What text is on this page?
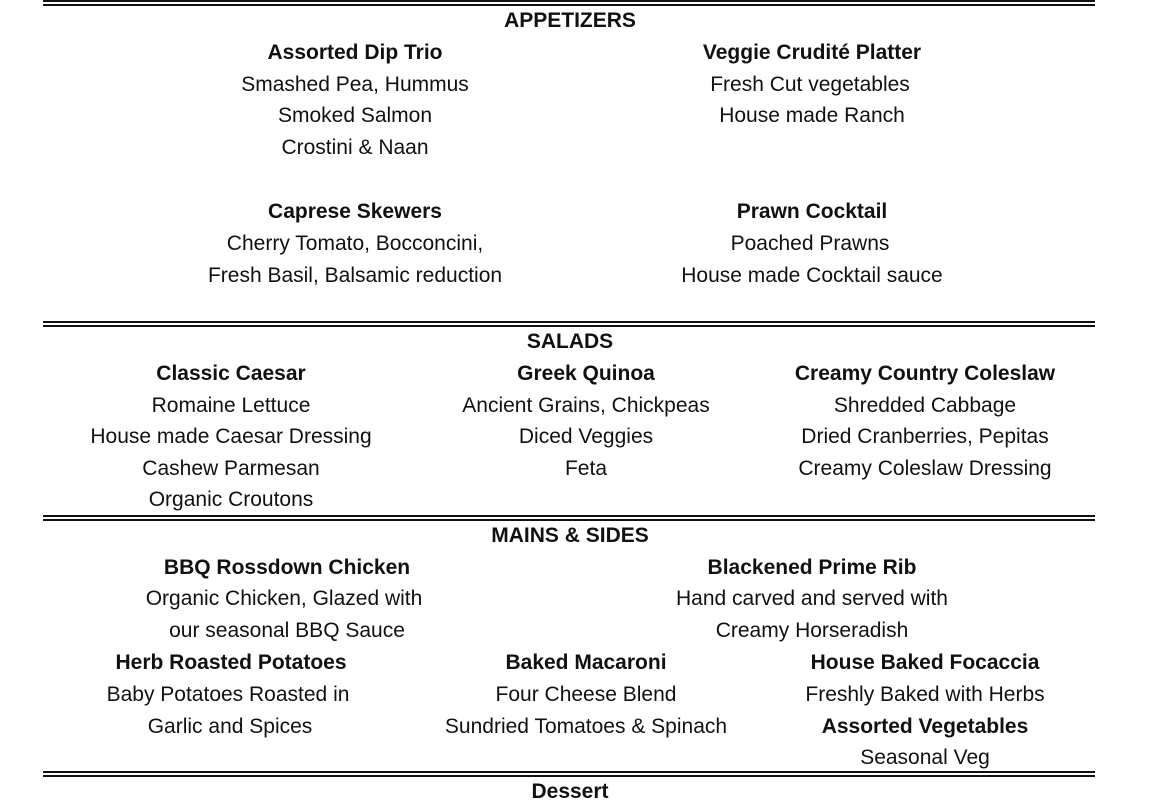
APPETIZERS
Assorted Dip Trio
Smashed Pea, Hummus
Smoked Salmon
Crostini & Naan
Veggie Crudité Platter
Fresh Cut vegetables
House made Ranch
Caprese Skewers
Cherry Tomato, Bocconcini,
Fresh Basil, Balsamic reduction
Prawn Cocktail
Poached Prawns
House made Cocktail sauce
SALADS
Classic Caesar
Romaine Lettuce
House made Caesar Dressing
Cashew Parmesan
Organic Croutons
Greek Quinoa
Ancient Grains, Chickpeas
Diced Veggies
Feta
Creamy Country Coleslaw
Shredded Cabbage
Dried Cranberries, Pepitas
Creamy Coleslaw Dressing
MAINS & SIDES
BBQ Rossdown Chicken
Organic Chicken, Glazed with
our seasonal BBQ Sauce
Blackened Prime Rib
Hand carved and served with
Creamy Horseradish
Herb Roasted Potatoes
Baby Potatoes Roasted in
Garlic and Spices
Baked Macaroni
Four Cheese Blend
Sundried Tomatoes & Spinach
House Baked Focaccia
Freshly Baked with Herbs
Assorted Vegetables
Seasonal Veg
Dessert
